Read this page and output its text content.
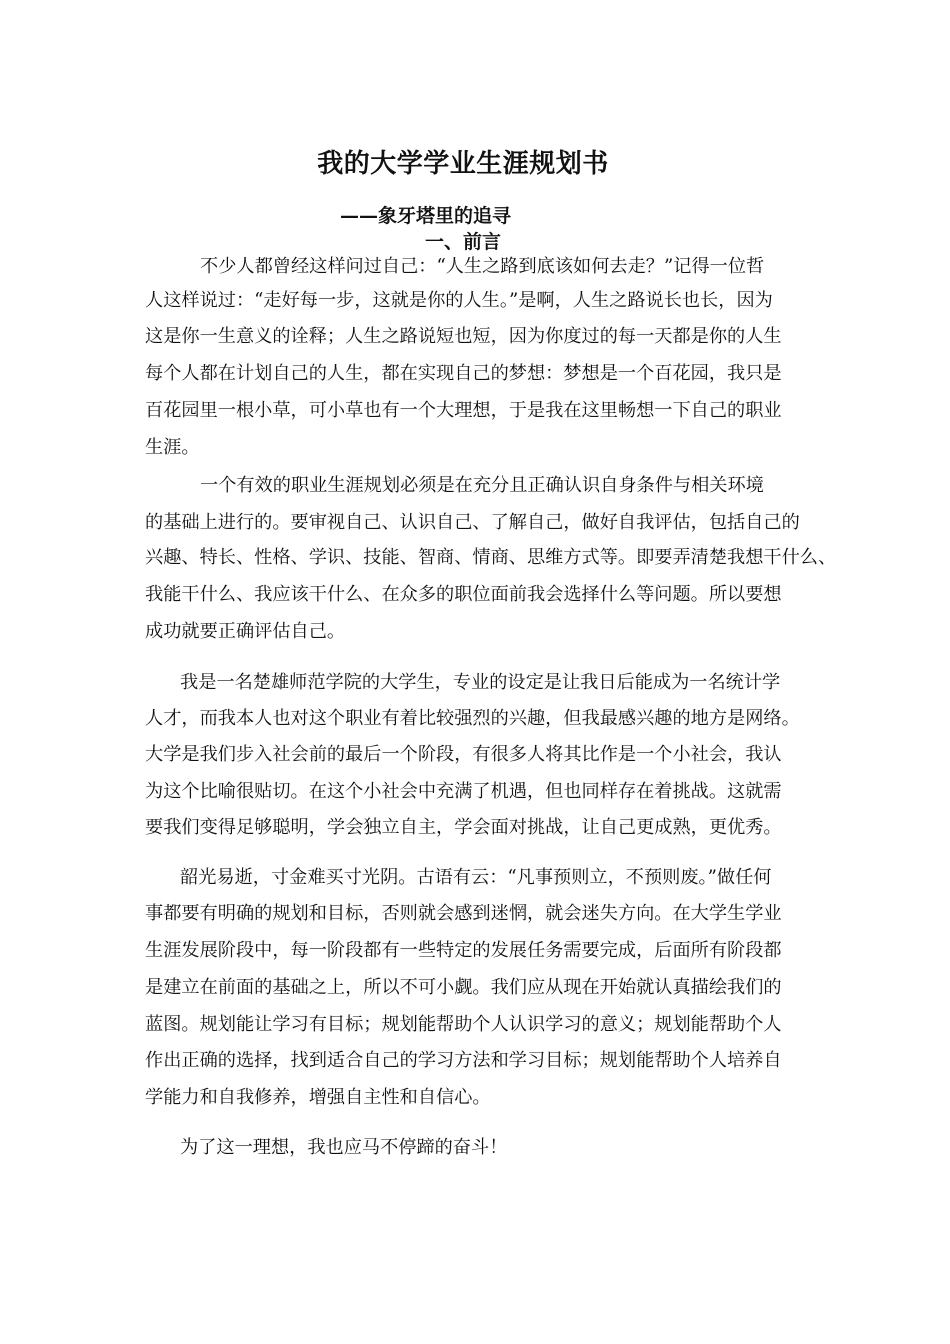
我的大学学业生涯规划书
——象牙塔里的追寻
一、前言
不少人都曾经这样问过自己：“人生之路到底该如何去走？”记得一位哲
人这样说过：“走好每一步，这就是你的人生。”是啊，人生之路说长也长，因为
这是你一生意义的诠释；人生之路说短也短，因为你度过的每一天都是你的人生
每个人都在计划自己的人生，都在实现自己的梦想：梦想是一个百花园，我只是
百花园里一根小草，可小草也有一个大理想，于是我在这里畅想一下自己的职业
生涯。
一个有效的职业生涯规划必须是在充分且正确认识自身条件与相关环境
的基础上进行的。要审视自己、认识自己、了解自己，做好自我评估，包括自己的
兴趣、特长、性格、学识、技能、智商、情商、思维方式等。即要弄清楚我想干什么、
我能干什么、我应该干什么、在众多的职位面前我会选择什么等问题。所以要想
成功就要正确评估自己。
我是一名楚雄师范学院的大学生，专业的设定是让我日后能成为一名统计学
人才，而我本人也对这个职业有着比较强烈的兴趣，但我最感兴趣的地方是网络。
大学是我们步入社会前的最后一个阶段，有很多人将其比作是一个小社会，我认
为这个比喻很贴切。在这个小社会中充满了机遇，但也同样存在着挑战。这就需
要我们变得足够聪明，学会独立自主，学会面对挑战，让自己更成熟，更优秀。
韶光易逝，寸金难买寸光阴。古语有云：“凡事预则立，不预则废。”做任何
事都要有明确的规划和目标，否则就会感到迷惘，就会迷失方向。在大学生学业
生涯发展阶段中，每一阶段都有一些特定的发展任务需要完成，后面所有阶段都
是建立在前面的基础之上，所以不可小觑。我们应从现在开始就认真描绘我们的
蓝图。规划能让学习有目标；规划能帮助个人认识学习的意义；规划能帮助个人
作出正确的选择，找到适合自己的学习方法和学习目标；规划能帮助个人培养自
学能力和自我修养，增强自主性和自信心。
为了这一理想，我也应马不停蹄的奋斗！
